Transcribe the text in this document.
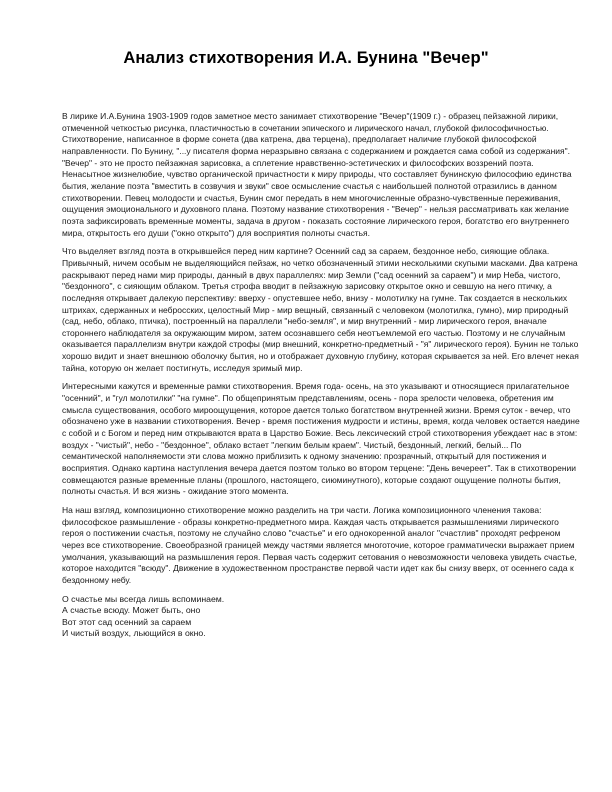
Анализ стихотворения И.А. Бунина "Вечер"

В лирике И.А.Бунина 1903-1909 годов заметное место занимает стихотворение "Вечер"(1909 г.) - образец пейзажной лирики, отмеченной четкостью рисунка, пластичностью в сочетании эпического и лирического начал, глубокой философичностью. Стихотворение, написанное в форме сонета (два катрена, два терцена), предполагает наличие глубокой философской направленности. По Бунину, "...у писателя форма неразрывно связана с содержанием и рождается сама собой из содержания". "Вечер" - это не просто пейзажная зарисовка, а сплетение нравственно-эстетических и философских воззрений поэта. Ненасытное жизнелюбие, чувство органической причастности к миру природы, что составляет бунинскую философию единства бытия, желание поэта "вместить в созвучия и звуки" свое осмысление счастья с наибольшей полнотой отразились в данном стихотворении. Певец молодости и счастья, Бунин смог передать в нем многочисленные образно-чувственные переживания, ощущения эмоционального и духовного плана. Поэтому название стихотворения - "Вечер" - нельзя рассматривать как желание поэта зафиксировать временные моменты, задача в другом - показать состояние лирического героя, богатство его внутреннего мира, открытость его души ("окно открыто") для восприятия полноты счастья.

Что выделяет взгляд поэта в открывшейся перед ним картине? Осенний сад за сараем, бездонное небо, сияющие облака. Привычный, ничем особым не выделяющийся пейзаж, но четко обозначенный этими несколькими скупыми масками. Два катрена раскрывают перед нами мир природы, данный в двух параллелях: мир Земли ("сад осенний за сараем") и мир Неба, чистого, "бездонного", с сияющим облаком. Третья строфа вводит в пейзажную зарисовку открытое окно и севшую на него птичку, а последняя открывает далекую перспективу: вверху - опустевшее небо, внизу - молотилку на гумне. Так создается в нескольких штрихах, сдержанных и небросских, целостный Мир - мир вещный, связанный с человеком (молотилка, гумно), мир природный (сад, небо, облако, птичка), построенный на параллели "небо-земля", и мир внутренний - мир лирического героя, вначале стороннего наблюдателя за окружающим миром, затем осознавшего себя неотъемлемой его частью. Поэтому и не случайным оказывается параллелизм внутри каждой строфы (мир внешний, конкретно-предметный - "я" лирического героя). Бунин не только хорошо видит и знает внешнюю оболочку бытия, но и отображает духовную глубину, которая скрывается за ней. Его влечет некая тайна, которую он желает постигнуть, исследуя зримый мир.

Интересными кажутся и временные рамки стихотворения. Время года- осень, на это указывают и относящиеся прилагательное "осенний", и "гул молотилки" "на гумне". По общепринятым представлениям, осень - пора зрелости человека, обретения им смысла существования, особого мироощущения, которое дается только богатством внутренней жизни. Время суток - вечер, что обозначено уже в названии стихотворения. Вечер - время постижения мудрости и истины, время, когда человек остается наедине с собой и с Богом и перед ним открываются врата в Царство Божие. Весь лексический строй стихотворения убеждает нас в этом: воздух - "чистый", небо - "бездонное", облако встает "легким белым краем". Чистый, бездонный, легкий, белый... По семантической наполняемости эти слова можно приблизить к одному значению: прозрачный, открытый для постижения и восприятия. Однако картина наступления вечера дается поэтом только во втором терцене: "День вечереет". Так в стихотворении совмещаются разные временные планы (прошлого, настоящего, сиюминутного), которые создают ощущение полноты бытия, полноты счастья. И вся жизнь - ожидание этого момента.

На наш взгляд, композиционно стихотворение можно разделить на три части. Логика композиционного членения такова: философское размышление - образы конкретно-предметного мира. Каждая часть открывается размышлениями лирического героя о постижении счастья, поэтому не случайно слово "счастье" и его однокоренной аналог "счастлив" проходят рефреном через все стихотворение. Своеобразной границей между частями является многоточие, которое грамматически выражает прием умолчания, указывающий на размышления героя. Первая часть содержит сетования о невозможности человека увидеть счастье, которое находится "всюду". Движение в художественном пространстве первой части идет как бы снизу вверх, от осеннего сада к бездонному небу.

О счастье мы всегда лишь вспоминаем.
А счастье всюду. Может быть, оно
Вот этот сад осенний за сараем
И чистый воздух, льющийся в окно.
